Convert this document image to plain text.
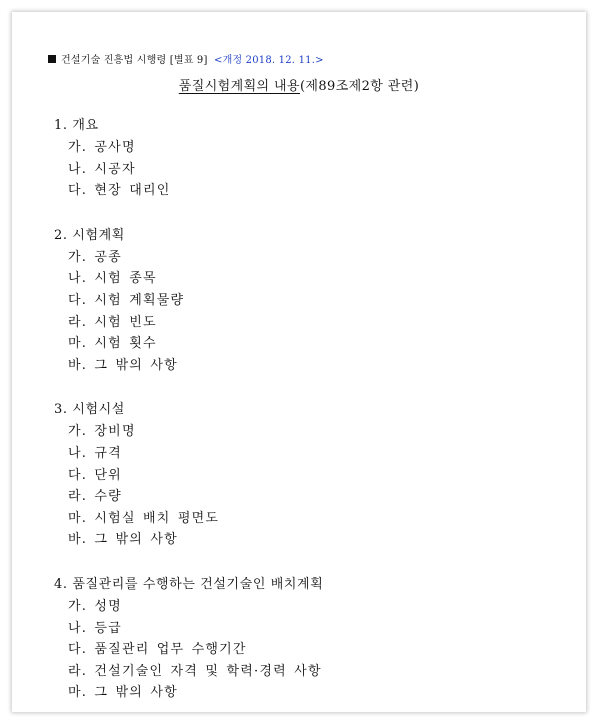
건설기술 진흥법 시행령 [별표 9] <개정 2018. 12. 11.>
품질시험계획의 내용(제89조제2항 관련)
1. 개요
가. 공사명
나. 시공자
다. 현장 대리인
2. 시험계획
가. 공종
나. 시험 종목
다. 시험 계획물량
라. 시험 빈도
마. 시험 횟수
바. 그 밖의 사항
3. 시험시설
가. 장비명
나. 규격
다. 단위
라. 수량
마. 시험실 배치 평면도
바. 그 밖의 사항
4. 품질관리를 수행하는 건설기술인 배치계획
가. 성명
나. 등급
다. 품질관리 업무 수행기간
라. 건설기술인 자격 및 학력·경력 사항
마. 그 밖의 사항
